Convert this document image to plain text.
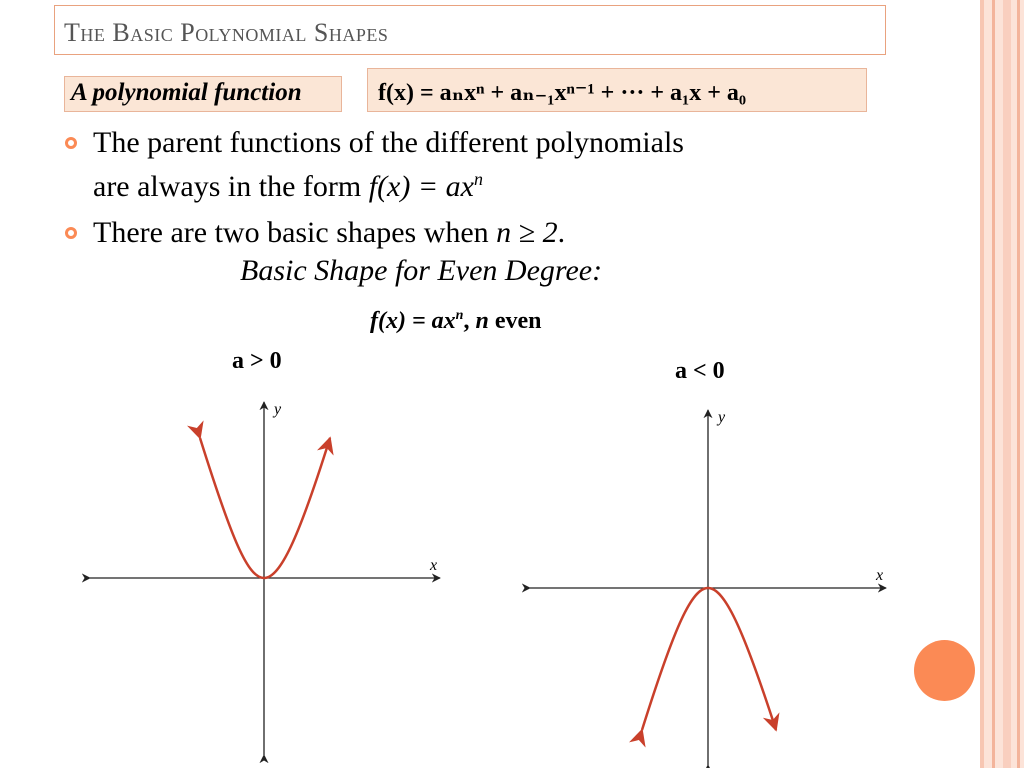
The Basic Polynomial Shapes
A polynomial function	f(x) = aₙxⁿ + aₙ₋₁xⁿ⁻¹ + ··· + a₁x + a₀
The parent functions of the different polynomials
are always in the form $f(x) = ax^n$
There are two basic shapes when n ≥ 2.
Basic Shape for Even Degree:
$f(x) = ax^n$, n even
a > 0	a < 0
x
y
x
y
